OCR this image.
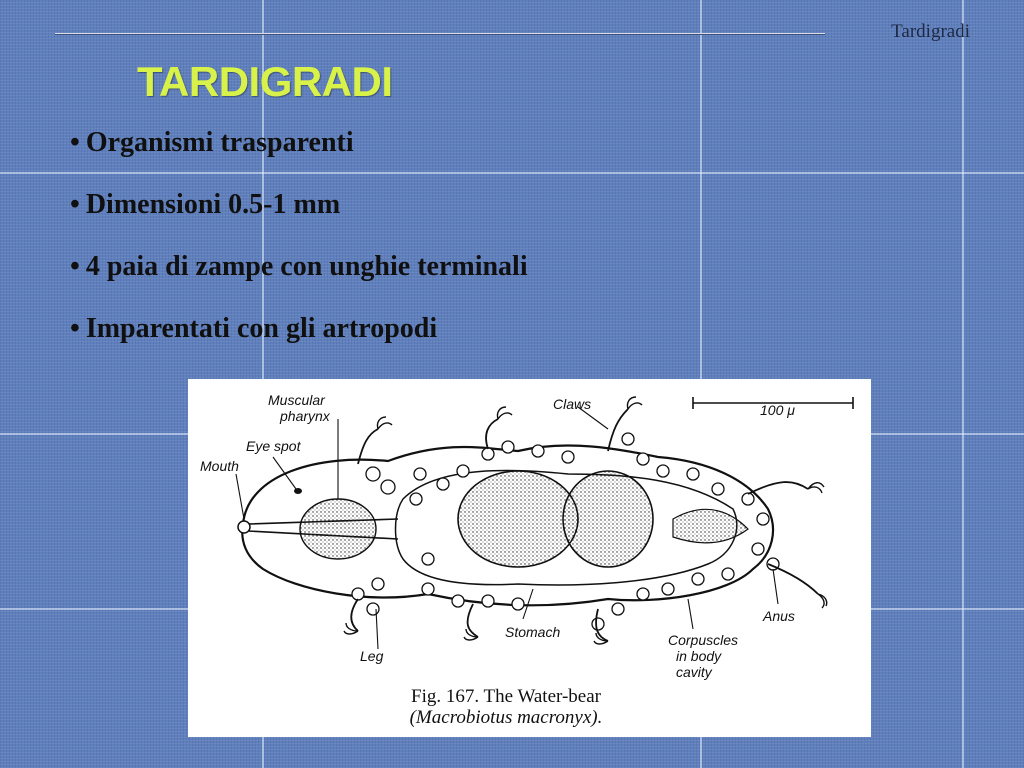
Tardigradi
TARDIGRADI
• Organismi trasparenti
• Dimensioni 0.5-1 mm
• 4 paia di zampe con unghie terminali
• Imparentati con gli artropodi
Muscular
pharynx
Eye spot
Mouth
Claws	100 μ
Stomach
Leg
Anus
Corpuscles
in body
cavity
Fig. 167. The Water-bear
(Macrobiotus macronyx).
